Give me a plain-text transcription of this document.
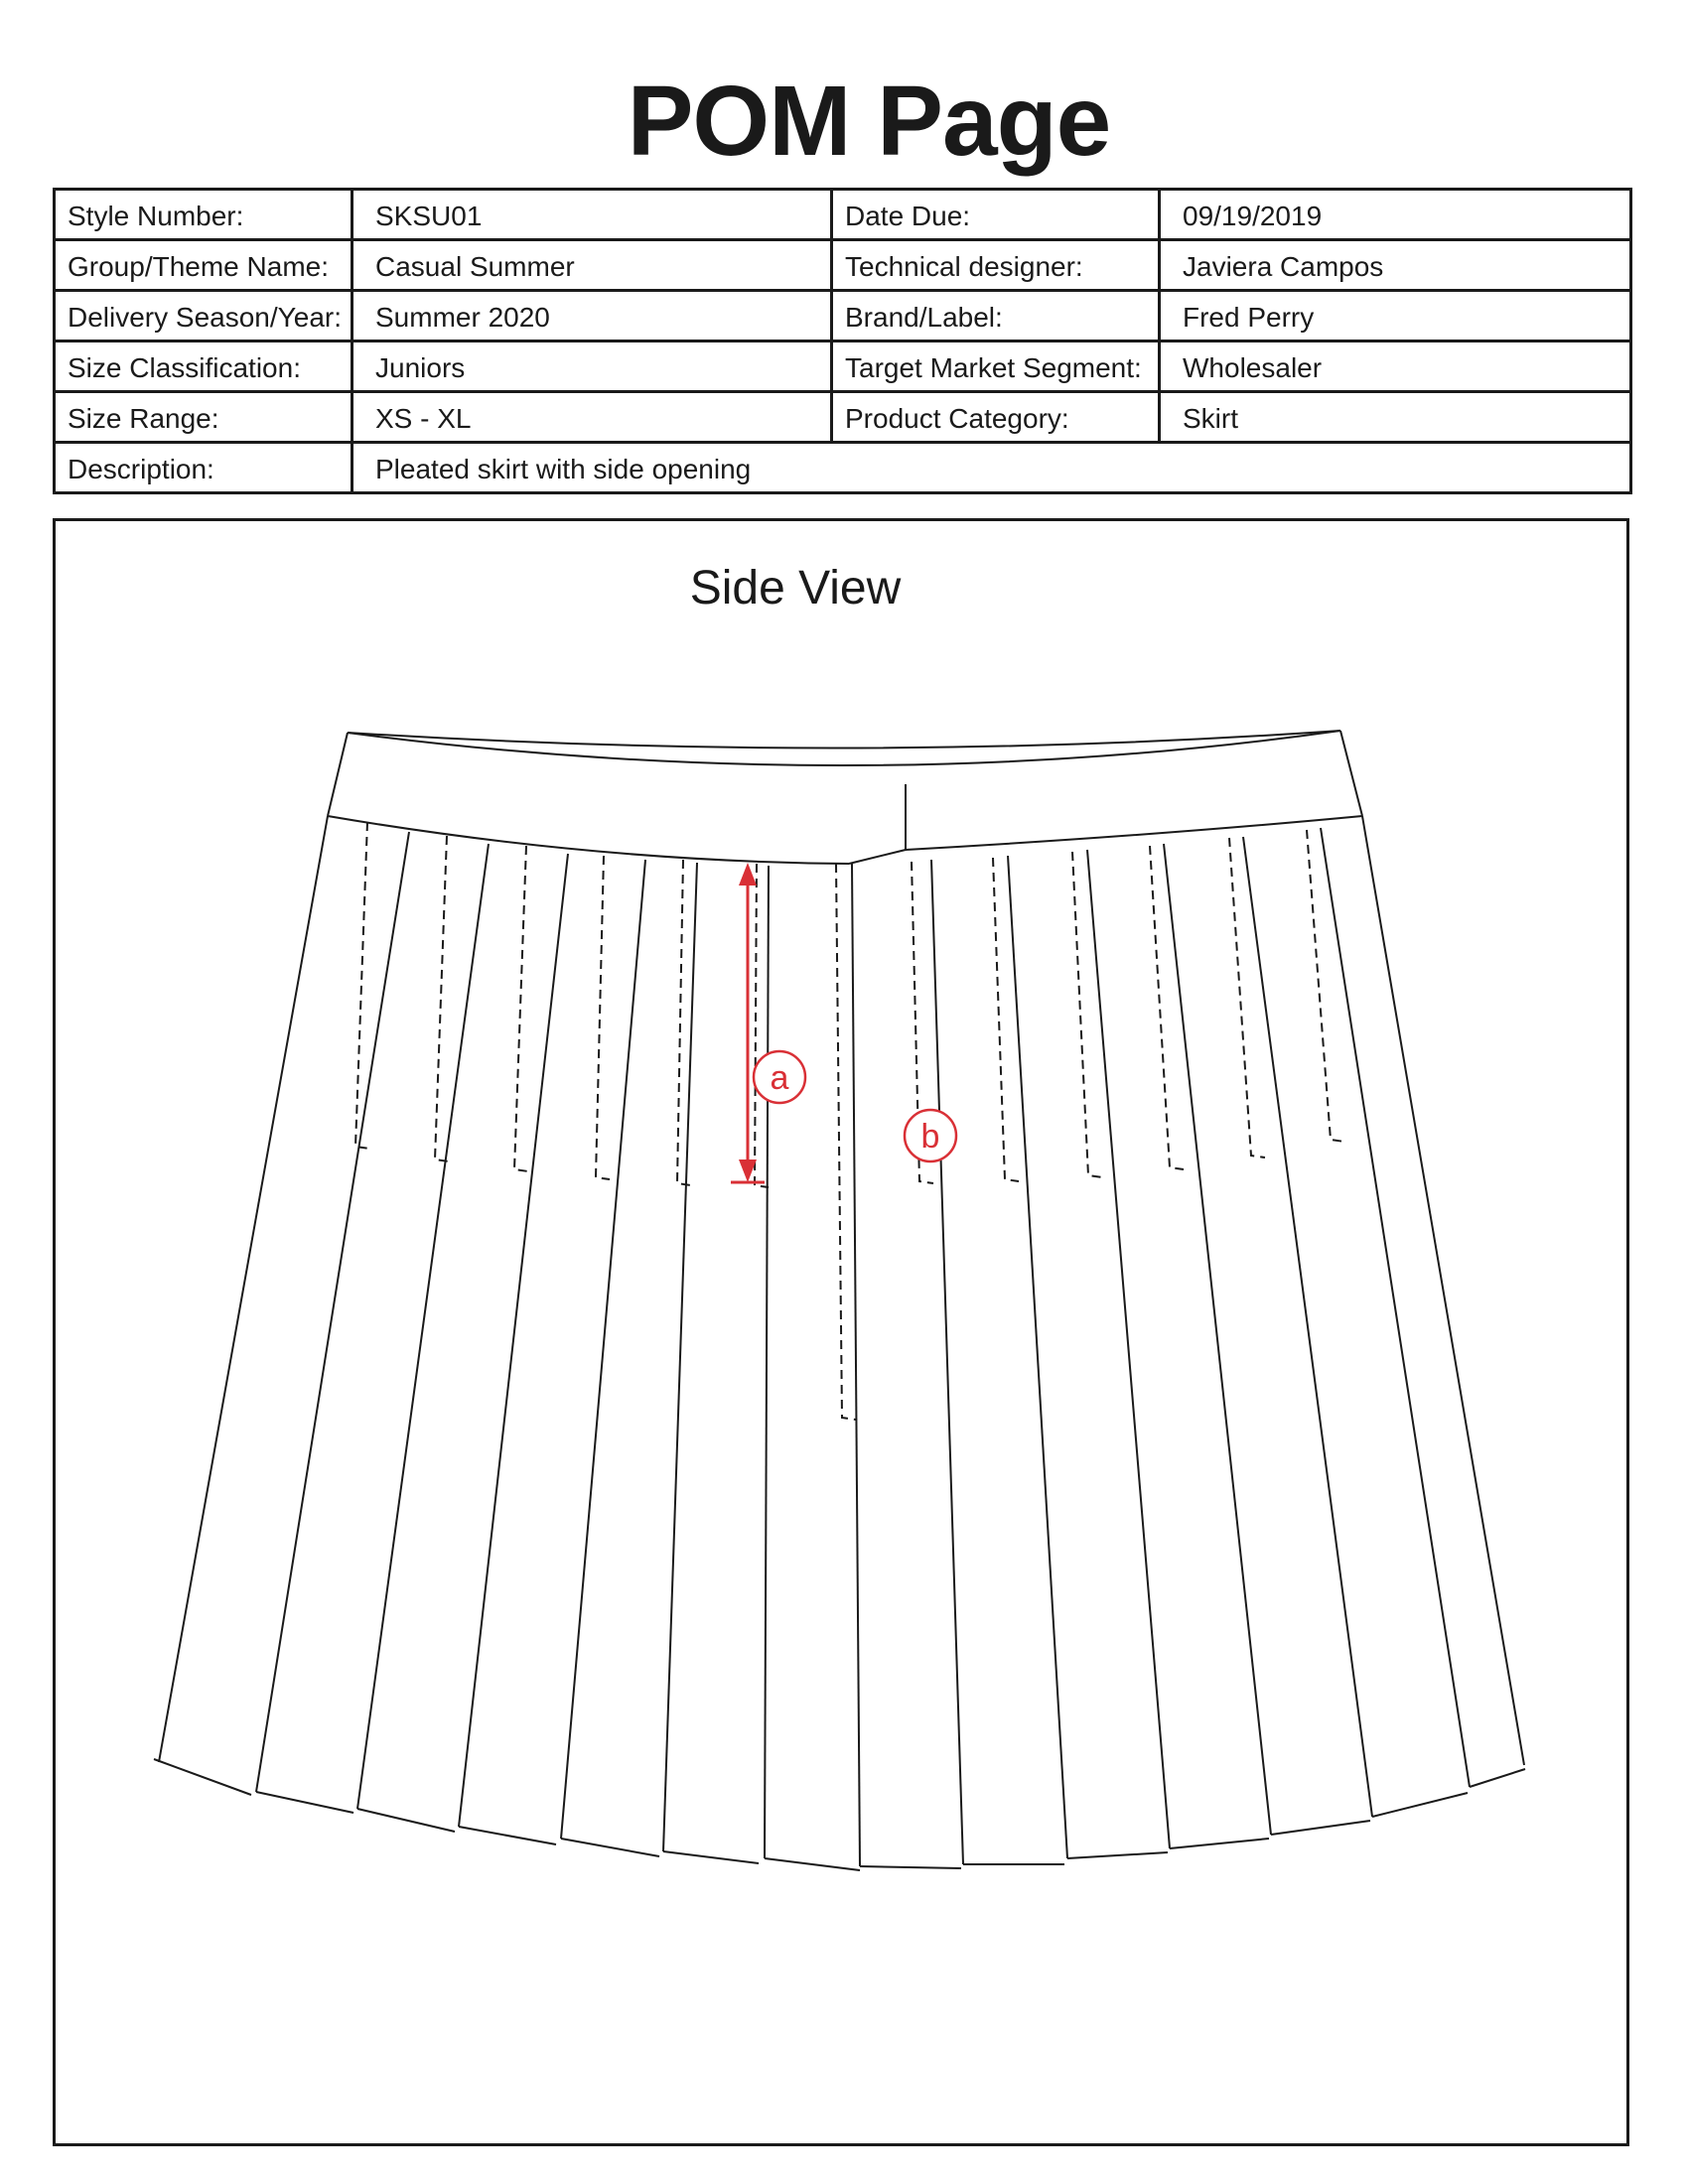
POM Page
Style Number:	SKSU01	Date Due:	09/19/2019
Group/Theme Name:	Casual Summer	Technical designer:	Javiera Campos
Delivery Season/Year:	Summer 2020	Brand/Label:	Fred Perry
Size Classification:	Juniors	Target Market Segment:	Wholesaler
Size Range:	XS - XL	Product Category:	Skirt
Description:	Pleated skirt with side opening		
Side View
a
b
